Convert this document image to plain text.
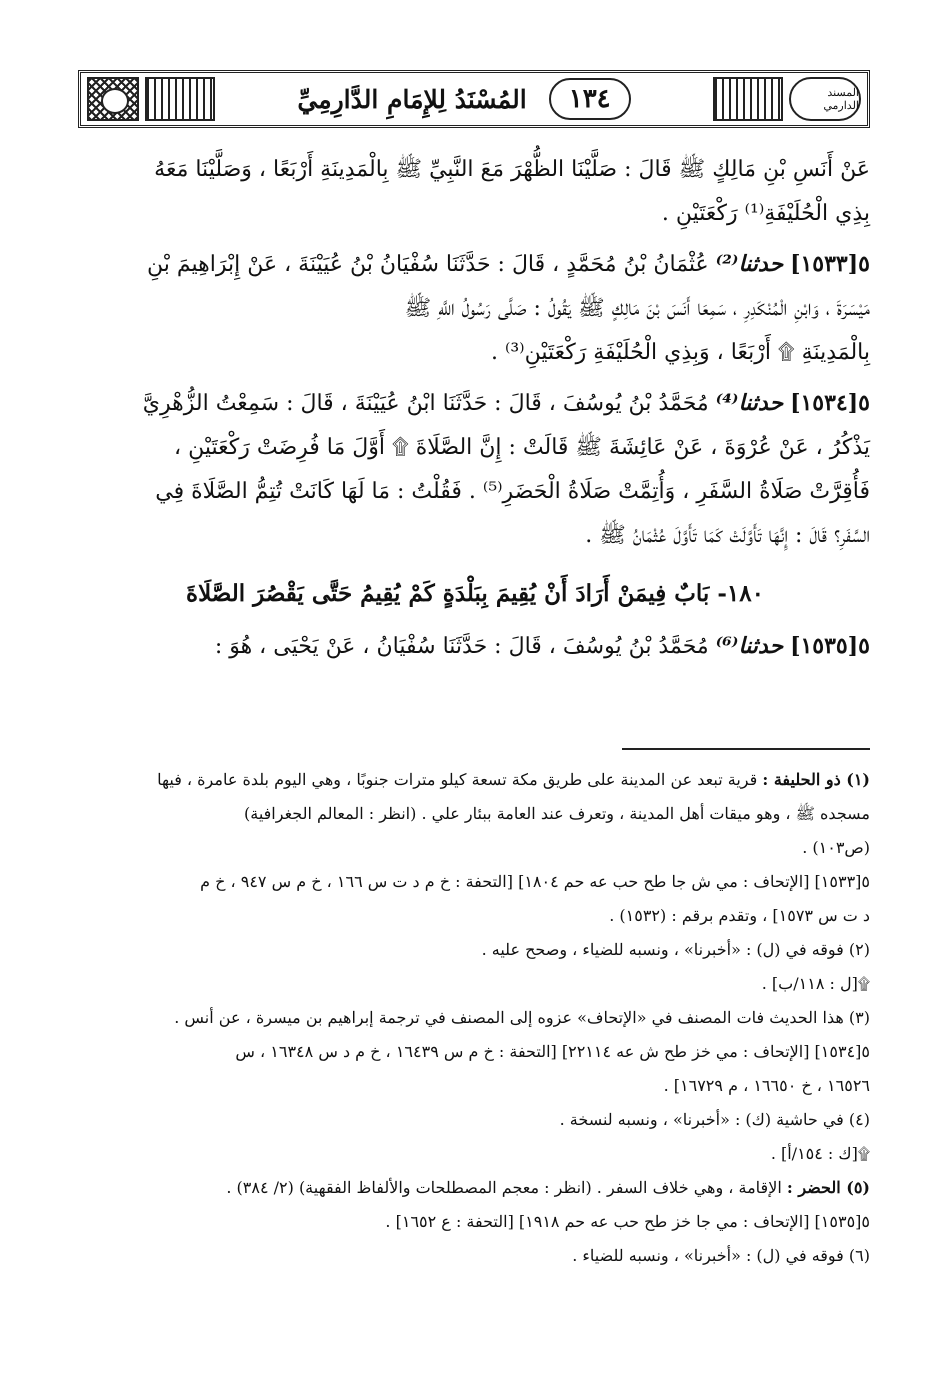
١٣٤
المُسْنَدُ لِلإِمَامِ الدَّارِمِيِّ	المسند الدارمي

عَنْ أَنَسِ بْنِ مَالِكٍ ﷺ قَالَ : صَلَّيْنَا الظُّهْرَ مَعَ النَّبِيِّ ﷺ بِالْمَدِينَةِ أَرْبَعًا ، وَصَلَّيْنَا مَعَهُ

بِذِي الْحُلَيْفَةِ⁽¹⁾ رَكْعَتَيْنِ .

٥[١٥٣٣] حدثنا⁽²⁾ عُثْمَانُ بْنُ مُحَمَّدٍ ، قَالَ : حَدَّثَنَا سُفْيَانُ بْنُ عُيَيْنَةَ ، عَنْ إِبْرَاهِيمَ بْنِ

مَيْسَرَةَ ، وَابْنِ الْمُنْكَدِرِ ، سَمِعَا أَنَسَ بْنَ مَالِكٍ ﷺ يَقُولُ : صَلَّى رَسُولُ اللَّهِ ﷺ

بِالْمَدِينَةِ ۩ أَرْبَعًا ، وَبِذِي الْحُلَيْفَةِ رَكْعَتَيْنِ⁽³⁾ .

٥[١٥٣٤] حدثنا⁽⁴⁾ مُحَمَّدُ بْنُ يُوسُفَ ، قَالَ : حَدَّثَنَا ابْنُ عُيَيْنَةَ ، قَالَ : سَمِعْتُ الزُّهْرِيَّ

يَذْكُرُ ، عَنْ عُرْوَةَ ، عَنْ عَائِشَةَ ﷺ قَالَتْ : إِنَّ الصَّلَاةَ ۩ أَوَّلَ مَا فُرِضَتْ رَكْعَتَيْنِ ،

فَأُقِرَّتْ صَلَاةُ السَّفَرِ ، وَأُتِمَّتْ صَلَاةُ الْحَضَرِ⁽⁵⁾ . فَقُلْتُ : مَا لَهَا كَانَتْ تُتِمُّ الصَّلَاةَ فِي

السَّفَرِ؟ قَالَ : إِنَّهَا تَأَوَّلَتْ كَمَا تَأَوَّلَ عُثْمَانُ ﷺ .

١٨٠- بَابٌ فِيمَنْ أَرَادَ أَنْ يُقِيمَ بِبَلْدَةٍ كَمْ يُقِيمُ حَتَّى يَقْصُرَ الصَّلَاةَ

٥[١٥٣٥] حدثنا⁽⁶⁾ مُحَمَّدُ بْنُ يُوسُفَ ، قَالَ : حَدَّثَنَا سُفْيَانُ ، عَنْ يَحْيَى ، هُوَ :

(١) ذو الحليفة : قرية تبعد عن المدينة على طريق مكة تسعة كيلو مترات جنوبًا ، وهي اليوم بلدة عامرة ، فيها

مسجده ﷺ ، وهو ميقات أهل المدينة ، وتعرف عند العامة ببئار علي . (انظر : المعالم الجغرافية)

(ص١٠٣) .

٥[١٥٣٣] [الإتحاف : مي ش جا طح حب عه حم ١٨٠٤] [التحفة : خ م د ت س ١٦٦ ، خ م س ٩٤٧ ، خ م

د ت س ١٥٧٣] ، وتقدم برقم : (١٥٣٢) .

(٢) فوقه في (ل) : «أخبرنا» ، ونسبه للضياء ، وصحح عليه .

۩[ل : ١١٨/ب] .

(٣) هذا الحديث فات المصنف في «الإتحاف» عزوه إلى المصنف في ترجمة إبراهيم بن ميسرة ، عن أنس .

٥[١٥٣٤] [الإتحاف : مي خز طح ش عه ٢٢١١٤] [التحفة : خ م س ١٦٤٣٩ ، خ م د س ١٦٣٤٨ ، س

١٦٥٢٦ ، خ ١٦٦٥٠ ، م ١٦٧٢٩] .

(٤) في حاشية (ك) : «أخبرنا» ، ونسبه لنسخة .

۩[ك : ١٥٤/أ] .

(٥) الحضر : الإقامة ، وهي خلاف السفر . (انظر : معجم المصطلحات والألفاظ الفقهية) (٢/ ٣٨٤) .

٥[١٥٣٥] [الإتحاف : مي جا خز طح حب عه حم ١٩١٨] [التحفة : ع ١٦٥٢] .

(٦) فوقه في (ل) : «أخبرنا» ، ونسبه للضياء .
